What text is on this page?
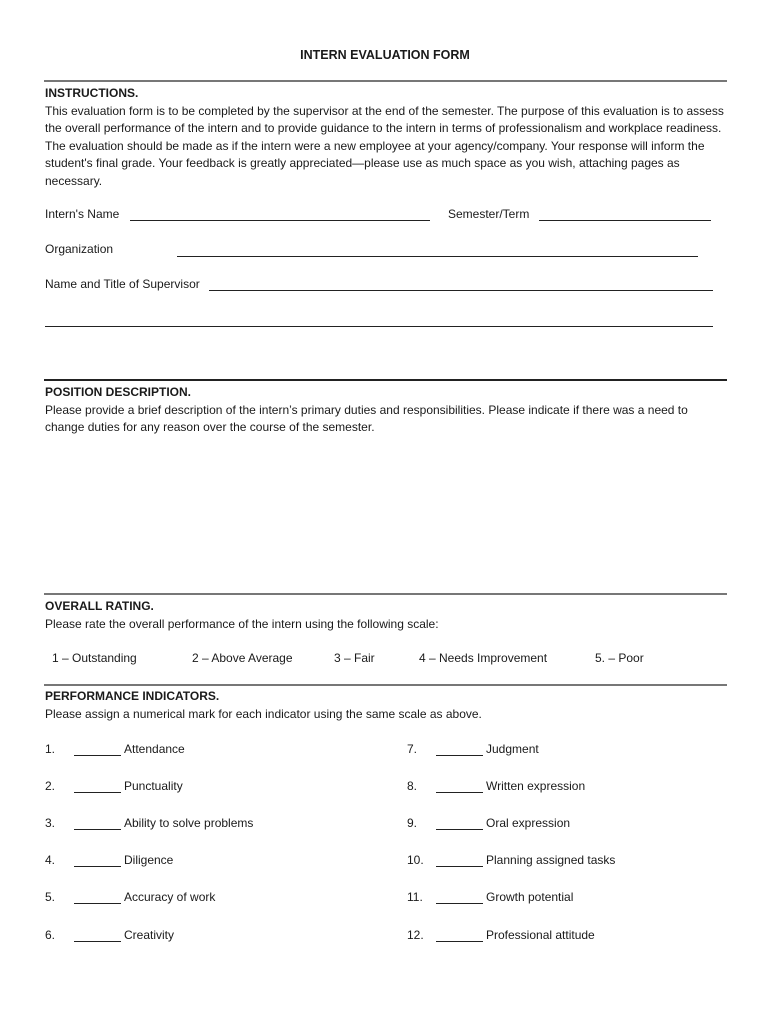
INTERN EVALUATION FORM
INSTRUCTIONS.
This evaluation form is to be completed by the supervisor at the end of the semester. The purpose of this evaluation is to assess the overall performance of the intern and to provide guidance to the intern in terms of professionalism and workplace readiness. The evaluation should be made as if the intern were a new employee at your agency/company. Your response will inform the student's final grade. Your feedback is greatly appreciated—please use as much space as you wish, attaching pages as necessary.
Intern's Name	Semester/Term
Organization
Name and Title of Supervisor
POSITION DESCRIPTION.
Please provide a brief description of the intern’s primary duties and responsibilities. Please indicate if there was a need to change duties for any reason over the course of the semester.
OVERALL RATING.
Please rate the overall performance of the intern using the following scale:
1 – Outstanding	2 – Above Average	3 – Fair	4 – Needs Improvement	5. – Poor
PERFORMANCE INDICATORS.
Please assign a numerical mark for each indicator using the same scale as above.
1.	Attendance
2.	Punctuality
3.	Ability to solve problems
4.	Diligence
5.	Accuracy of work
6.	Creativity
7.	Judgment
8.	Written expression
9.	Oral expression
10.	Planning assigned tasks
11.	Growth potential
12.	Professional attitude
